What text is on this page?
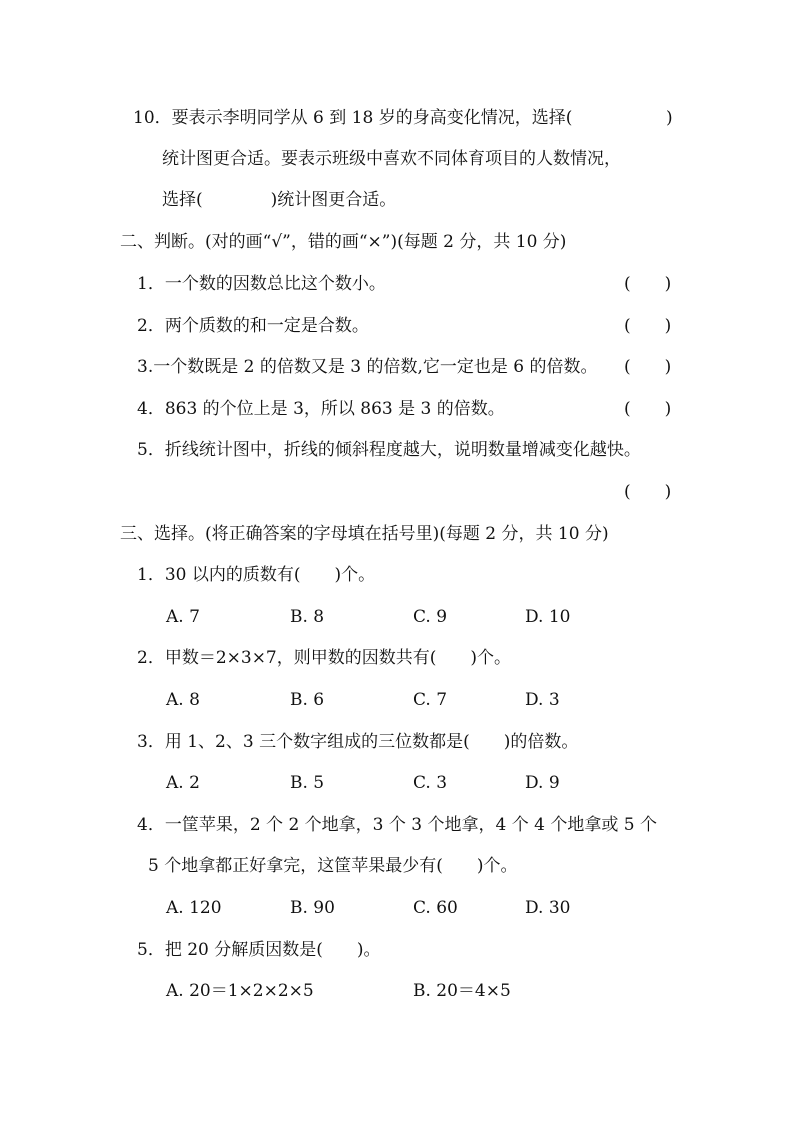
10．要表示李明同学从 6 到 18 岁的身高变化情况，选择(	)
统计图更合适。要表示班级中喜欢不同体育项目的人数情况，
选择(　　　　)统计图更合适。
二、判断。(对的画“√”，错的画“×”)(每题 2 分，共 10 分)
1．一个数的因数总比这个数小。	(　　)
2．两个质数的和一定是合数。	(　　)
3.一个数既是 2 的倍数又是 3 的倍数,它一定也是 6 的倍数。 (　　)
4．863 的个位上是 3，所以 863 是 3 的倍数。	(　　)
5．折线统计图中，折线的倾斜程度越大，说明数量增减变化越快。
(　　)
三、选择。(将正确答案的字母填在括号里)(每题 2 分，共 10 分)
1．30 以内的质数有(　　)个。
A. 7	B. 8	C. 9	D. 10
2．甲数＝2×3×7，则甲数的因数共有(　　)个。
A. 8	B. 6	C. 7	D. 3
3．用 1、2、3 三个数字组成的三位数都是(　　)的倍数。
A. 2	B. 5	C. 3	D. 9
4．一筐苹果，2 个 2 个地拿，3 个 3 个地拿，4 个 4 个地拿或 5 个
5 个地拿都正好拿完，这筐苹果最少有(　　)个。
A. 120	B. 90	C. 60	D. 30
5．把 20 分解质因数是(　　)。
A. 20＝1×2×2×5	B. 20＝4×5
